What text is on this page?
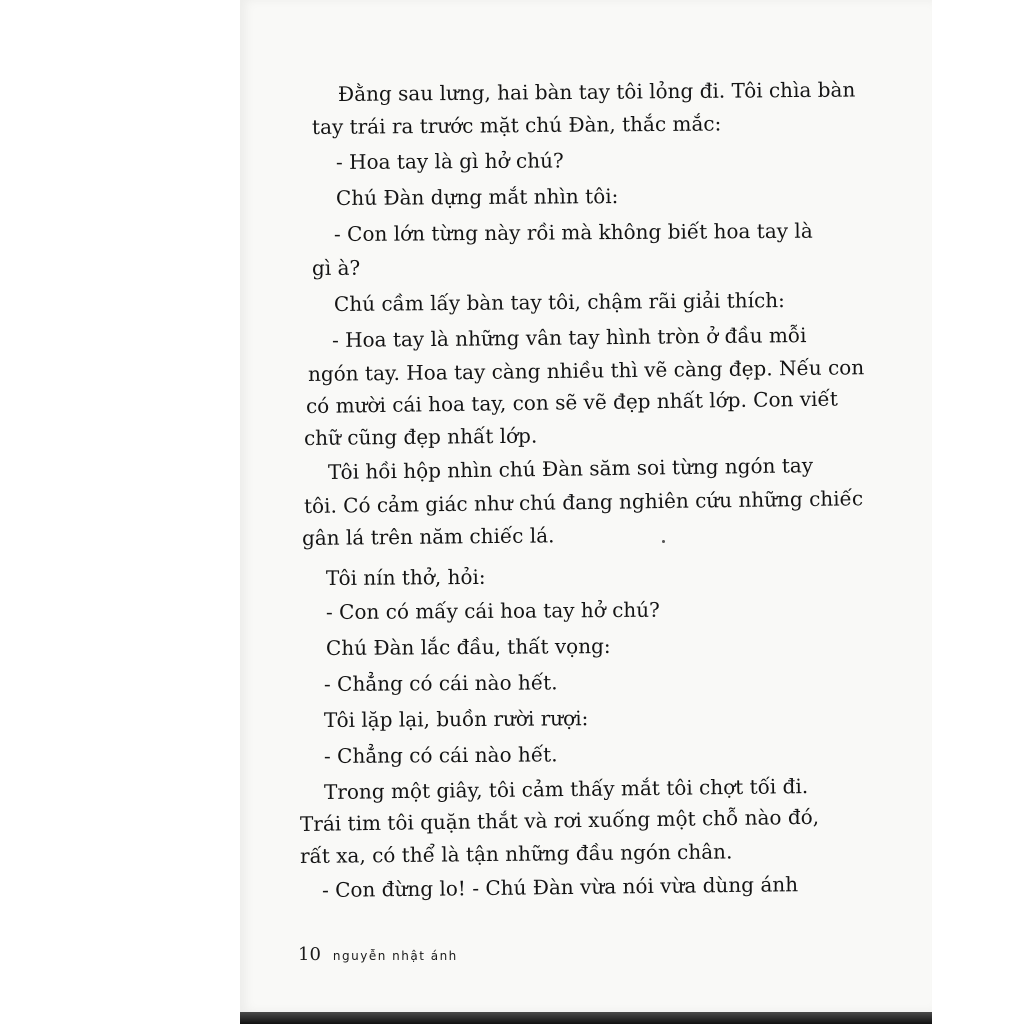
Đằng sau lưng, hai bàn tay tôi lỏng đi. Tôi chìa bàn

tay trái ra trước mặt chú Đàn, thắc mắc:

- Hoa tay là gì hở chú?

Chú Đàn dựng mắt nhìn tôi:

- Con lớn từng này rồi mà không biết hoa tay là

gì à?

Chú cầm lấy bàn tay tôi, chậm rãi giải thích:

- Hoa tay là những vân tay hình tròn ở đầu mỗi

ngón tay. Hoa tay càng nhiều thì vẽ càng đẹp. Nếu con

có mười cái hoa tay, con sẽ vẽ đẹp nhất lớp. Con viết

chữ cũng đẹp nhất lớp.

Tôi hồi hộp nhìn chú Đàn săm soi từng ngón tay

tôi. Có cảm giác như chú đang nghiên cứu những chiếc

gân lá trên năm chiếc lá.

Tôi nín thở, hỏi:

- Con có mấy cái hoa tay hở chú?

Chú Đàn lắc đầu, thất vọng:

- Chẳng có cái nào hết.

Tôi lặp lại, buồn rười rượi:

- Chẳng có cái nào hết.

Trong một giây, tôi cảm thấy mắt tôi chợt tối đi.

Trái tim tôi quặn thắt và rơi xuống một chỗ nào đó,

rất xa, có thể là tận những đầu ngón chân.

- Con đừng lo! - Chú Đàn vừa nói vừa dùng ánh

10 nguyễn nhật ánh
